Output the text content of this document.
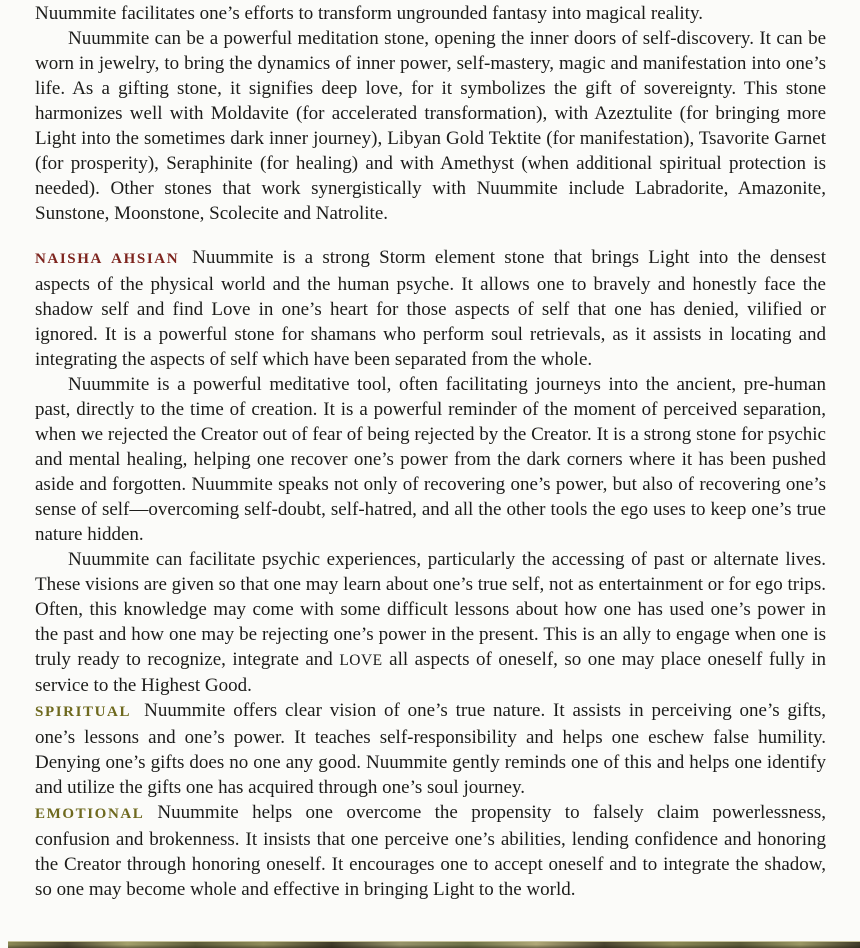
Nuummite facilitates one’s efforts to transform ungrounded fantasy into magical reality.

Nuummite can be a powerful meditation stone, opening the inner doors of self-discovery. It can be worn in jewelry, to bring the dynamics of inner power, self-mastery, magic and manifestation into one’s life. As a gifting stone, it signifies deep love, for it symbolizes the gift of sovereignty. This stone harmonizes well with Moldavite (for accelerated transformation), with Azeztulite (for bringing more Light into the sometimes dark inner journey), Libyan Gold Tektite (for manifestation), Tsavorite Garnet (for prosperity), Seraphinite (for healing) and with Amethyst (when additional spiritual protection is needed). Other stones that work synergistically with Nuummite include Labradorite, Amazonite, Sunstone, Moonstone, Scolecite and Natrolite.

NAISHA AHSIAN Nuummite is a strong Storm element stone that brings Light into the densest aspects of the physical world and the human psyche. It allows one to bravely and honestly face the shadow self and find Love in one’s heart for those aspects of self that one has denied, vilified or ignored. It is a powerful stone for shamans who perform soul retrievals, as it assists in locating and integrating the aspects of self which have been separated from the whole.

Nuummite is a powerful meditative tool, often facilitating journeys into the ancient, pre-human past, directly to the time of creation. It is a powerful reminder of the moment of perceived separation, when we rejected the Creator out of fear of being rejected by the Creator. It is a strong stone for psychic and mental healing, helping one recover one’s power from the dark corners where it has been pushed aside and forgotten. Nuummite speaks not only of recovering one’s power, but also of recovering one’s sense of self—overcoming self-doubt, self-hatred, and all the other tools the ego uses to keep one’s true nature hidden.

Nuummite can facilitate psychic experiences, particularly the accessing of past or alternate lives. These visions are given so that one may learn about one’s true self, not as entertainment or for ego trips. Often, this knowledge may come with some difficult lessons about how one has used one’s power in the past and how one may be rejecting one’s power in the present. This is an ally to engage when one is truly ready to recognize, integrate and LOVE all aspects of oneself, so one may place oneself fully in service to the Highest Good.

SPIRITUAL Nuummite offers clear vision of one’s true nature. It assists in perceiving one’s gifts, one’s lessons and one’s power. It teaches self-responsibility and helps one eschew false humility. Denying one’s gifts does no one any good. Nuummite gently reminds one of this and helps one identify and utilize the gifts one has acquired through one’s soul journey.

EMOTIONAL Nuummite helps one overcome the propensity to falsely claim powerlessness, confusion and brokenness. It insists that one perceive one’s abilities, lending confidence and honoring the Creator through honoring oneself. It encourages one to accept oneself and to integrate the shadow, so one may become whole and effective in bringing Light to the world.
